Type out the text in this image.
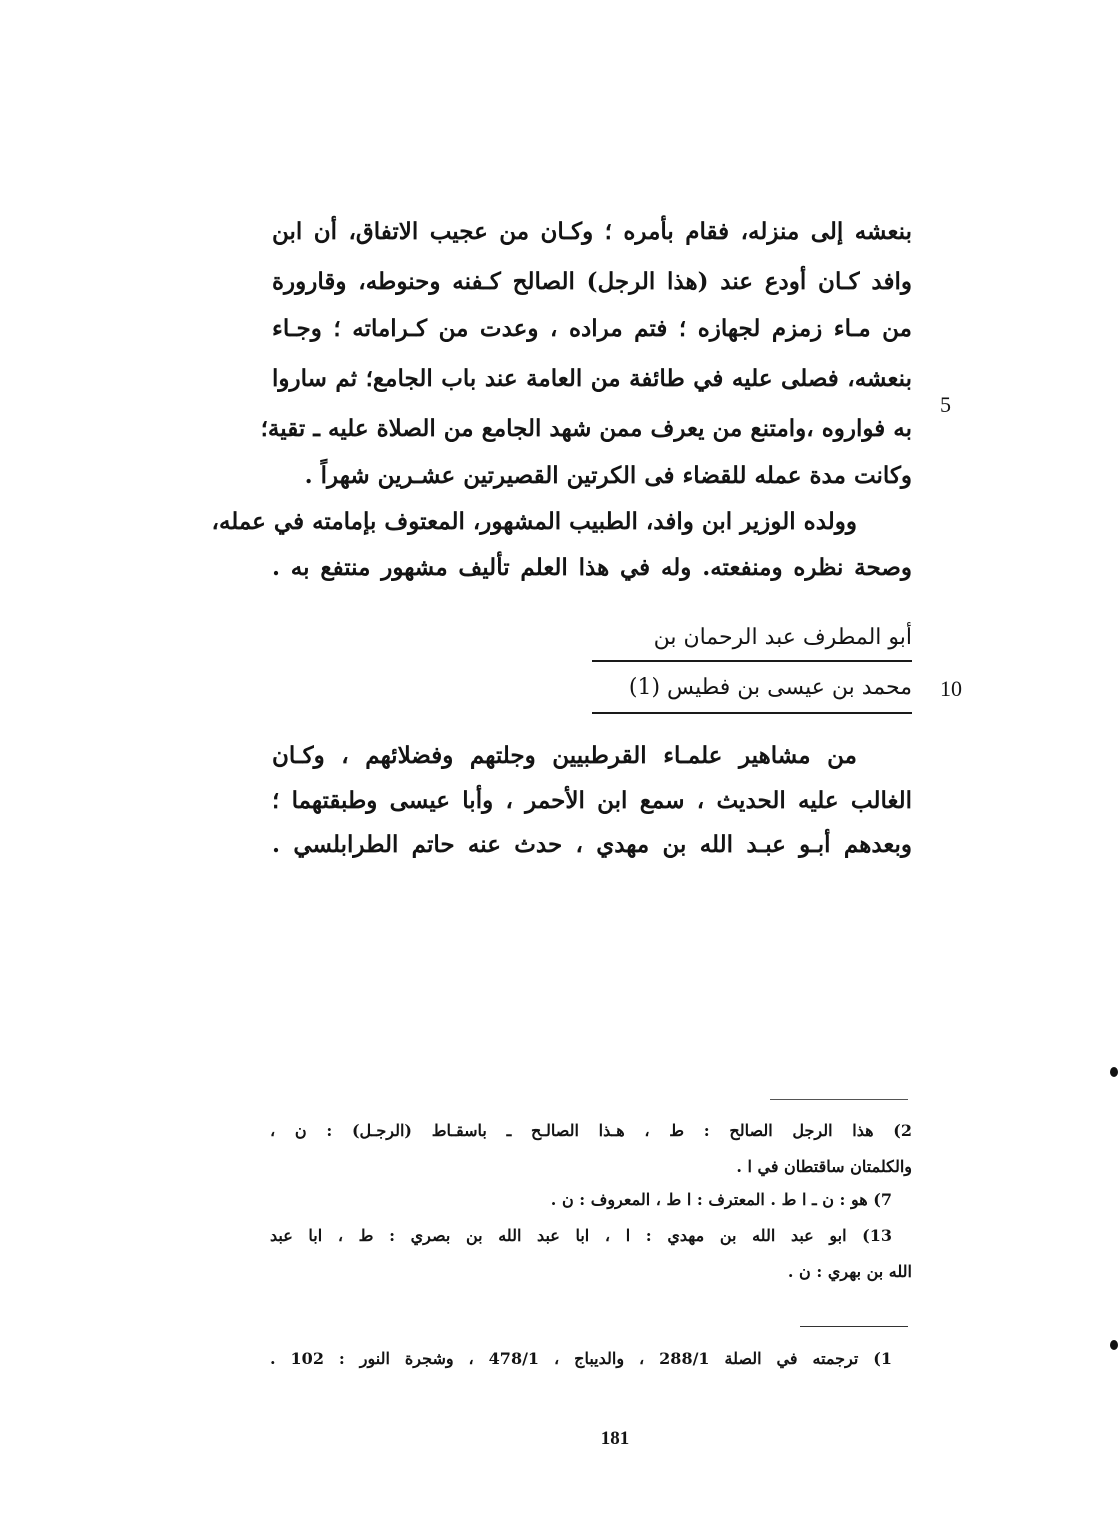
بنعشه إلى منزله، فقام بأمره ؛ وكـان من عجيب الاتفاق، أن ابن
وافد كـان أودع عند (هذا الرجل) الصالح كـفنه وحنوطه، وقارورة
من مـاء زمزم لجهازه ؛ فتم مراده ، وعدت من كـراماته ؛ وجـاء
بنعشه، فصلى عليه في طائفة من العامة عند باب الجامع؛ ثم ساروا
به فواروه ،وامتنع من يعرف ممن شهد الجامع من الصلاة عليه ـ تقية؛
وكانت مدة عمله للقضاء فى الكرتين القصيرتين عشـرين شهراً .
وولده الوزير ابن وافد، الطبيب المشهور، المعتوف بإمامته في عمله،
وصحة نظره ومنفعته. وله في هذا العلم تأليف مشهور منتفع به .
5
أبو المطرف عبد الرحمان بن
محمد بن عيسى بن فطيس (1) 10
من مشاهير علمـاء القرطبيين وجلتهم وفضلائهم ، وكـان
الغالب عليه الحديث ، سمع ابن الأحمر ، وأبا عيسى وطبقتهما ؛
وبعدهم أبـو عبـد الله بن مهدي ، حدث عنه حاتم الطرابلسي .
2) هذا الرجل الصالح : ط ، هـذا الصالـح ـ باسقـاط (الرجـل) : ن ،
والكلمتان ساقتطان في ا .
7) هو : ن ـ ا ط . المعترف : ا ط ، المعروف : ن .
13) ابو عبد الله بن مهدي : ا ، ابا عبد الله بن بصري : ط ، ابا عبد
الله بن بهري : ن .
1) ترجمته في الصلة 288/1 ، والديباج ، 478/1 ، وشجرة النور : 102 .
181
